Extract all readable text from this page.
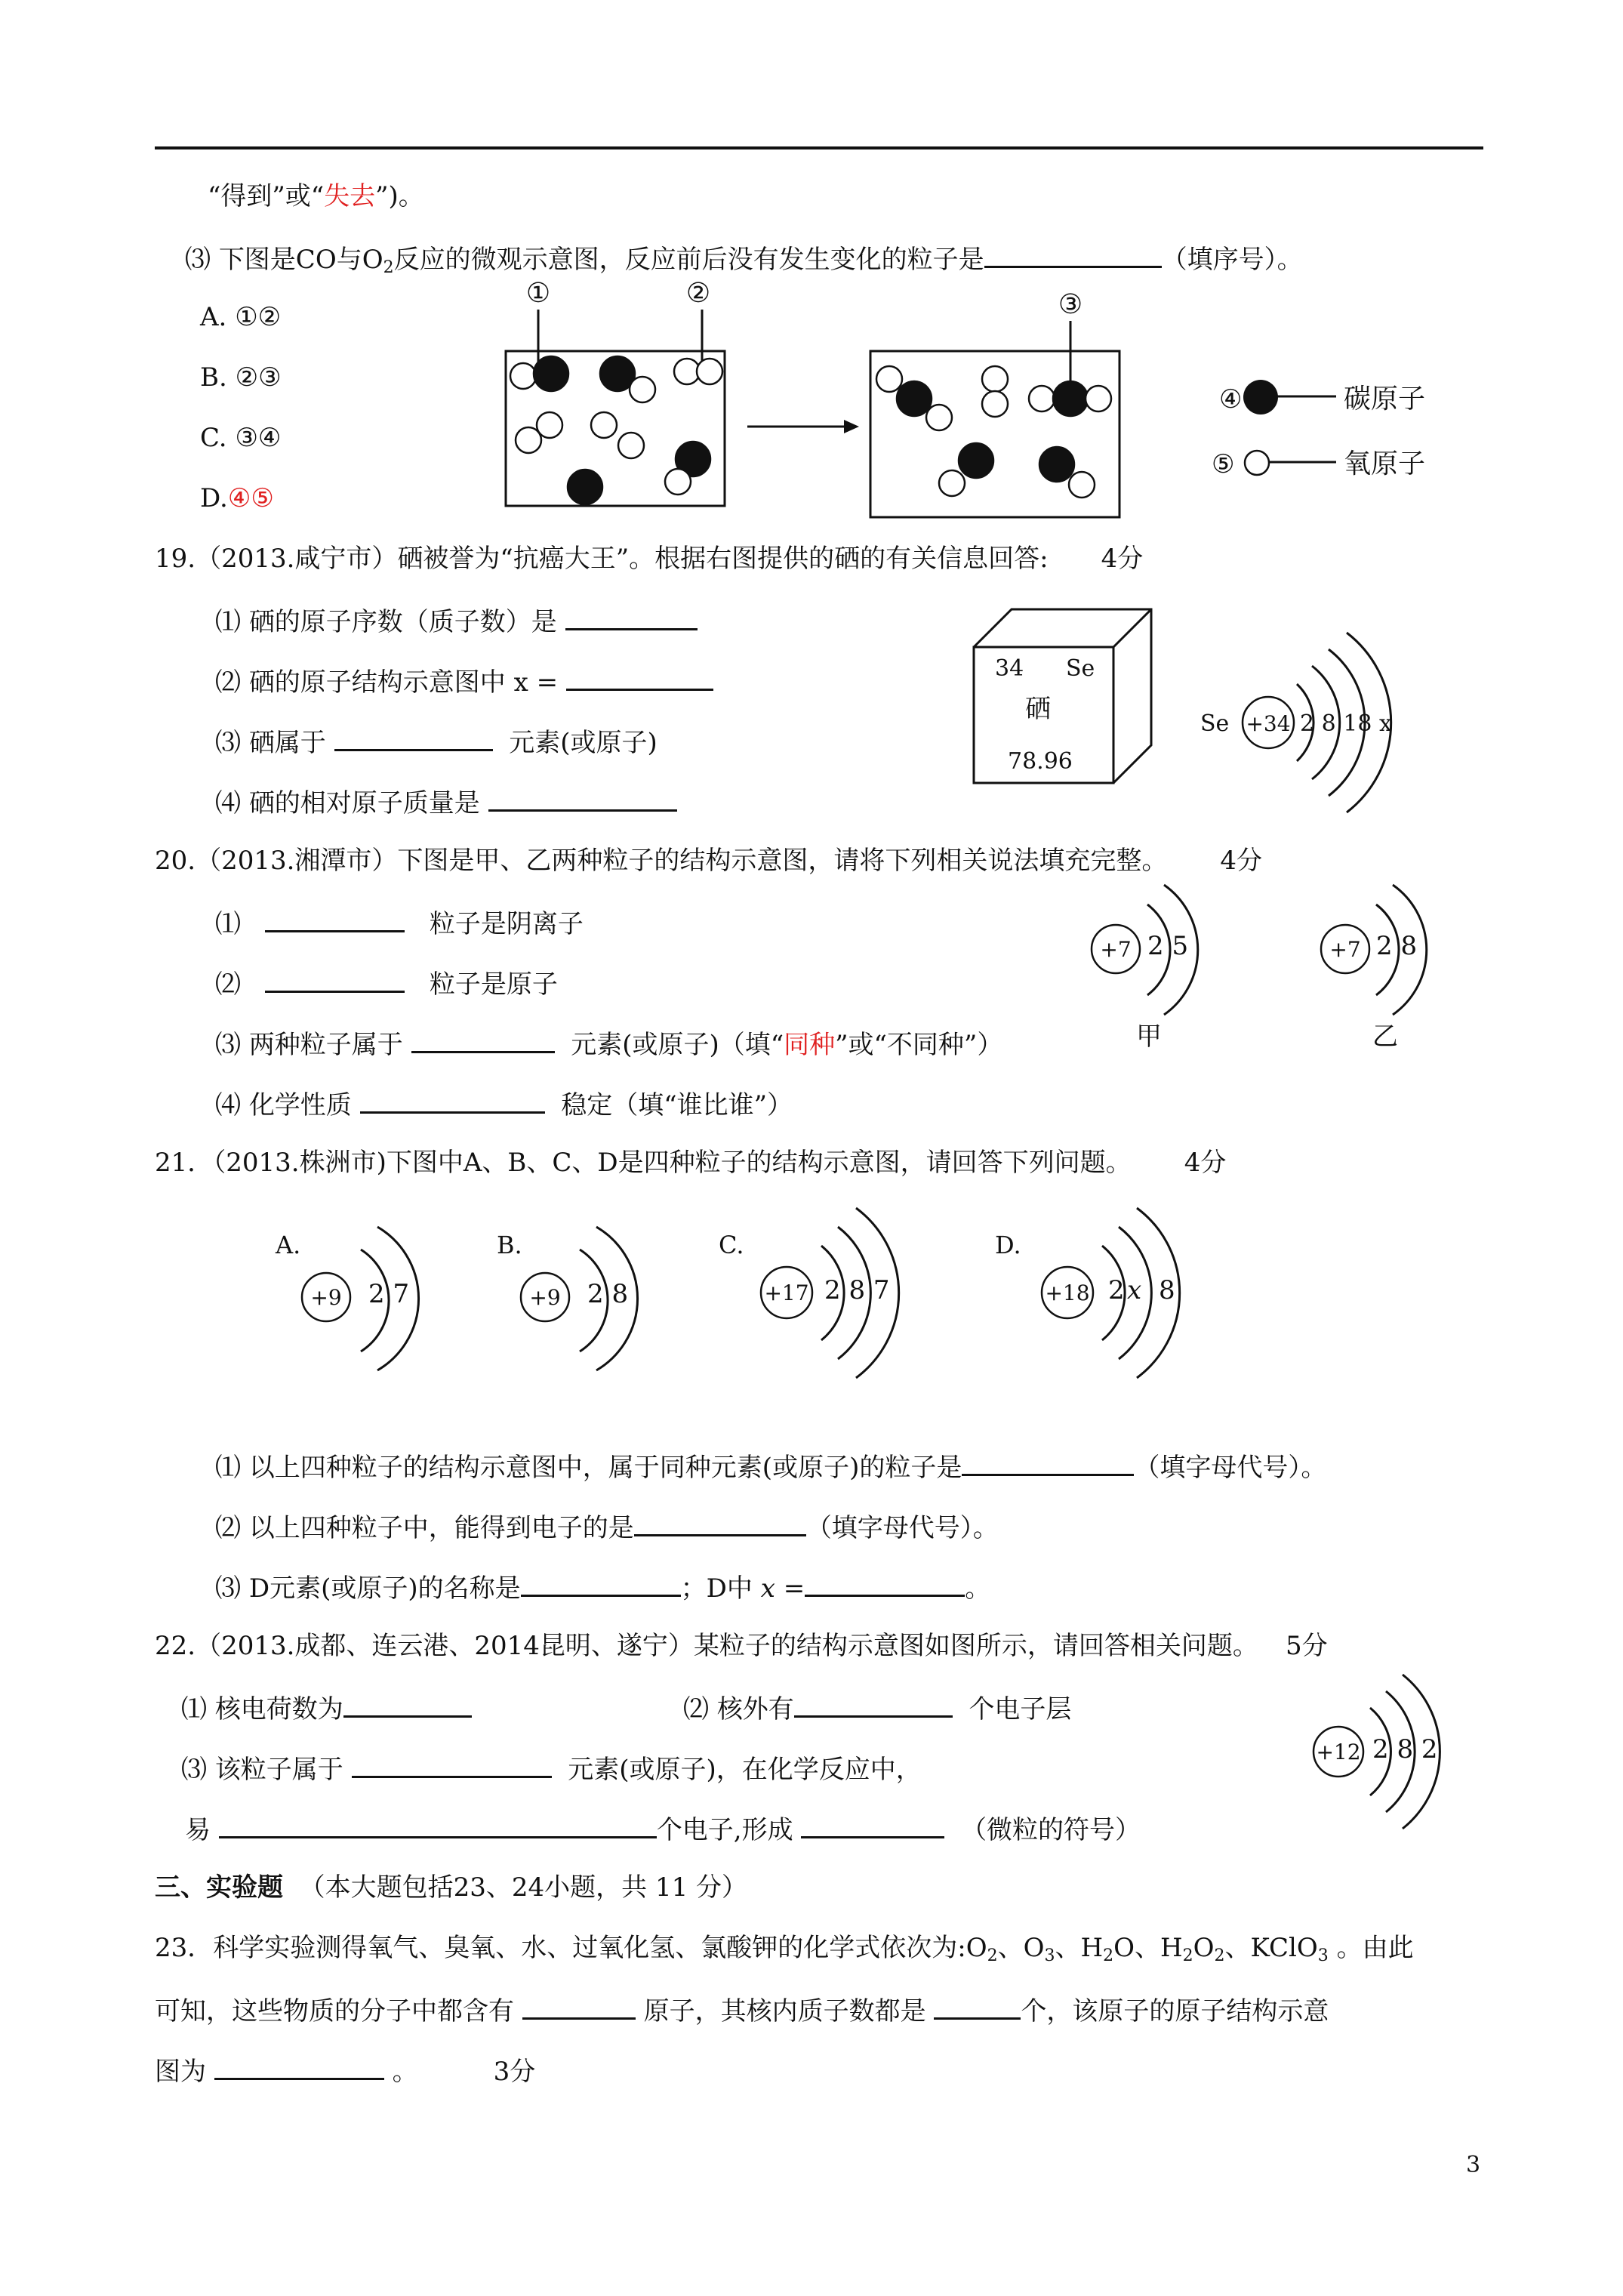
“得到”或“失去”)。
⑶ 下图是CO与$O_2$反应的微观示意图，反应前后没有发生变化的粒子是	（填序号）。
A. ①②
B. ②③
C. ③④
D.④⑤
①	②	③
④	碳原子
⑤	氧原子
19.（2013.咸宁市）硒被誉为“抗癌大王”。根据右图提供的硒的有关信息回答: 4分
⑴ 硒的原子序数（质子数）是
⑵ 硒的原子结构示意图中 x =
⑶ 硒属于	元素(或原子)
⑷ 硒的相对原子质量是
34 Se
硒
78.96
Se +34 2 8 18 x
20.（2013.湘潭市）下图是甲、乙两种粒子的结构示意图，请将下列相关说法填充完整。 4分
⑴	粒子是阴离子
⑵	粒子是原子
⑶ 两种粒子属于	元素(或原子)（填“同种”或“不同种”）
⑷ 化学性质	稳定（填“谁比谁”）
+7 2 5
甲
+7 2 8
乙
21．（2013.株洲市)下图中A、B、C、D是四种粒子的结构示意图，请回答下列问题。 4分
A.
+9 2 7
B.
+9 2 8
C.
+17 2 8 7
D.
+18 2 x 8
⑴ 以上四种粒子的结构示意图中，属于同种元素(或原子)的粒子是	（填字母代号）。
⑵ 以上四种粒子中，能得到电子的是	（填字母代号）。
⑶ D元素(或原子)的名称是	；D中 x =	。
22.（2013.成都、连云港、2014昆明、遂宁）某粒子的结构示意图如图所示，请回答相关问题。 5分
⑴ 核电荷数为	⑵ 核外有	个电子层
⑶ 该粒子属于	元素(或原子)，在化学反应中，
易	个电子,形成	（微粒的符号）
+12 2 8 2
三、实验题 （本大题包括23、24小题，共 11 分）
23．科学实验测得氧气、臭氧、水、过氧化氢、氯酸钾的化学式依次为$:O_2$、$O_3$、$H_2O$、$H_2O_2$、KClO$_3$ 。由此
可知，这些物质的分子中都含有	原子，其核内质子数都是	个，该原子的原子结构示意
图为	。	3分
3
